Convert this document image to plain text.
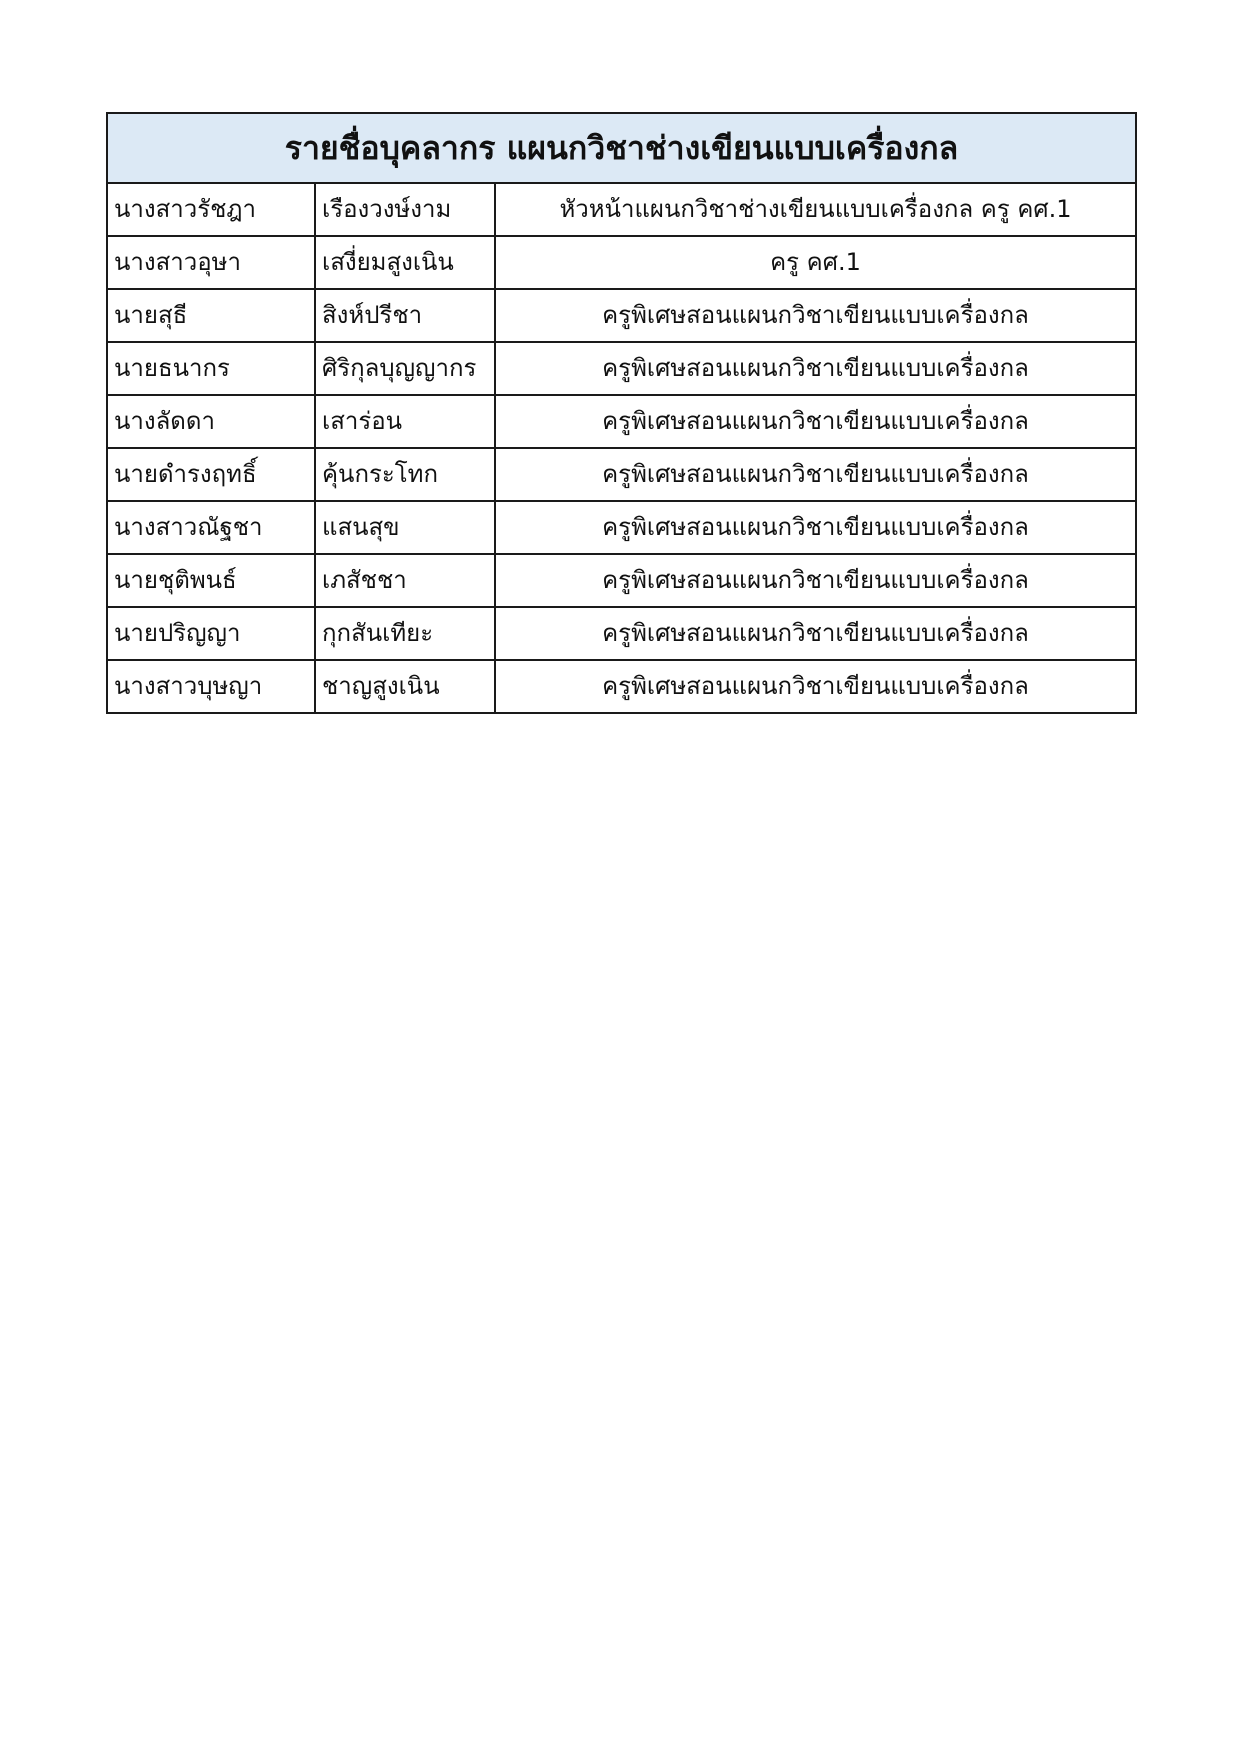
รายชื่อบุคลากร แผนกวิชาช่างเขียนแบบเครื่องกล		
นางสาวรัชฎา	เรืองวงษ์งาม	หัวหน้าแผนกวิชาช่างเขียนแบบเครื่องกล ครู คศ.1
นางสาวอุษา	เสงี่ยมสูงเนิน	ครู คศ.1
นายสุธี	สิงห์ปรีชา	ครูพิเศษสอนแผนกวิชาเขียนแบบเครื่องกล
นายธนากร	ศิริกุลบุญญากร	ครูพิเศษสอนแผนกวิชาเขียนแบบเครื่องกล
นางลัดดา	เสาร่อน	ครูพิเศษสอนแผนกวิชาเขียนแบบเครื่องกล
นายดำรงฤทธิ์	คุ้นกระโทก	ครูพิเศษสอนแผนกวิชาเขียนแบบเครื่องกล
นางสาวณัฐชา	แสนสุข	ครูพิเศษสอนแผนกวิชาเขียนแบบเครื่องกล
นายชุติพนธ์	เภสัชชา	ครูพิเศษสอนแผนกวิชาเขียนแบบเครื่องกล
นายปริญญา	กุกสันเทียะ	ครูพิเศษสอนแผนกวิชาเขียนแบบเครื่องกล
นางสาวบุษญา	ชาญสูงเนิน	ครูพิเศษสอนแผนกวิชาเขียนแบบเครื่องกล
